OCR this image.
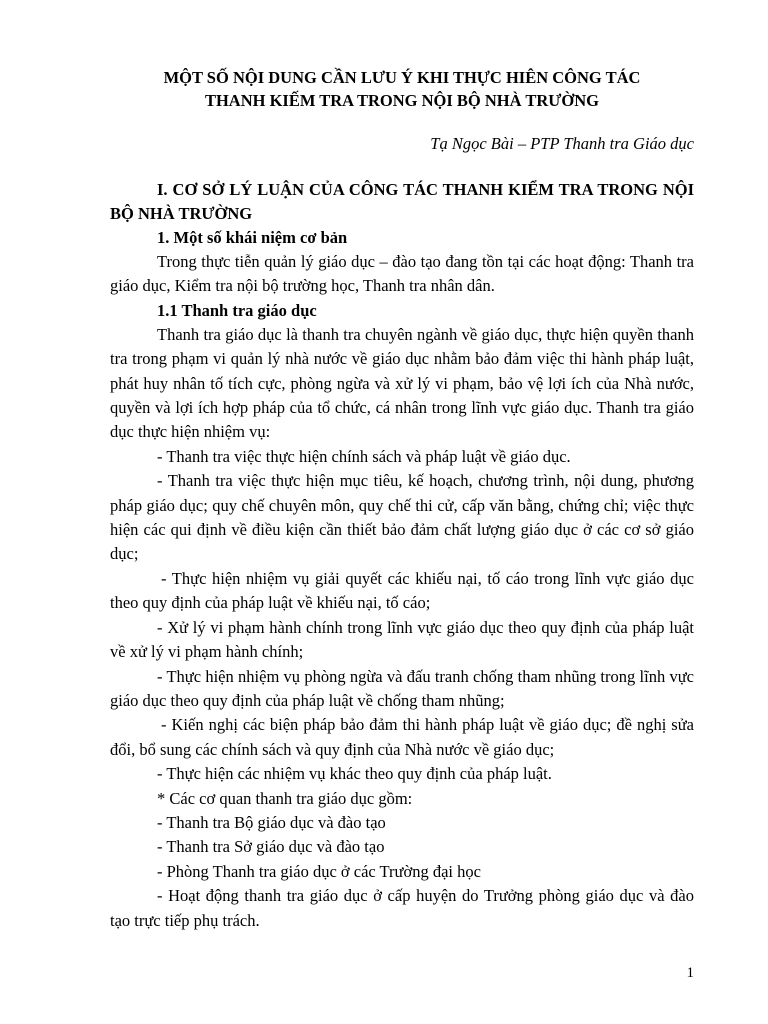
MỘT SỐ NỘI DUNG CẦN LƯU Ý KHI THỰC HIÊN CÔNG TÁC
THANH KIẾM TRA TRONG NỘI BỘ NHÀ TRƯỜNG

Tạ Ngọc Bài – PTP Thanh tra Giáo dục

I. CƠ SỞ LÝ LUẬN CỦA CÔNG TÁC THANH KIỂM TRA TRONG NỘI BỘ NHÀ TRƯỜNG

1. Một số khái niệm cơ bản

Trong thực tiễn quản lý giáo dục – đào tạo đang tồn tại các hoạt động: Thanh tra giáo dục, Kiểm tra nội bộ trường học, Thanh tra nhân dân.

1.1 Thanh tra giáo dục

Thanh tra giáo dục là thanh tra chuyên ngành về giáo dục, thực hiện quyền thanh tra trong phạm vi quản lý nhà nước về giáo dục nhằm bảo đảm việc thi hành pháp luật, phát huy nhân tố tích cực, phòng ngừa và xử lý vi phạm, bảo vệ lợi ích của Nhà nước, quyền và lợi ích hợp pháp của tổ chức, cá nhân trong lĩnh vực giáo dục. Thanh tra giáo dục thực hiện nhiệm vụ:

- Thanh tra việc thực hiện chính sách và pháp luật về giáo dục.

- Thanh tra việc thực hiện mục tiêu, kế hoạch, chương trình, nội dung, phương pháp giáo dục; quy chế chuyên môn, quy chế thi cử, cấp văn bằng, chứng chỉ; việc thực hiện các qui định về điều kiện cần thiết bảo đảm chất lượng giáo dục ở các cơ sở giáo dục;

- Thực hiện nhiệm vụ giải quyết các khiếu nại, tố cáo trong lĩnh vực giáo dục theo quy định của pháp luật về khiếu nại, tố cáo;

- Xử lý vi phạm hành chính trong lĩnh vực giáo dục theo quy định của pháp luật về xử lý vi phạm hành chính;

- Thực hiện nhiệm vụ phòng ngừa và đấu tranh chống tham nhũng trong lĩnh vực giáo dục theo quy định của pháp luật về chống tham nhũng;

- Kiến nghị các biện pháp bảo đảm thi hành pháp luật về giáo dục; đề nghị sửa đổi, bổ sung các chính sách và quy định của Nhà nước về giáo dục;

- Thực hiện các nhiệm vụ khác theo quy định của pháp luật.

* Các cơ quan thanh tra giáo dục gồm:

- Thanh tra Bộ giáo dục và đào tạo

- Thanh tra Sở giáo dục và đào tạo

- Phòng Thanh tra giáo dục ở các Trường đại học

- Hoạt động thanh tra giáo dục ở cấp huyện do Trưởng phòng giáo dục và đào tạo trực tiếp phụ trách.

1
